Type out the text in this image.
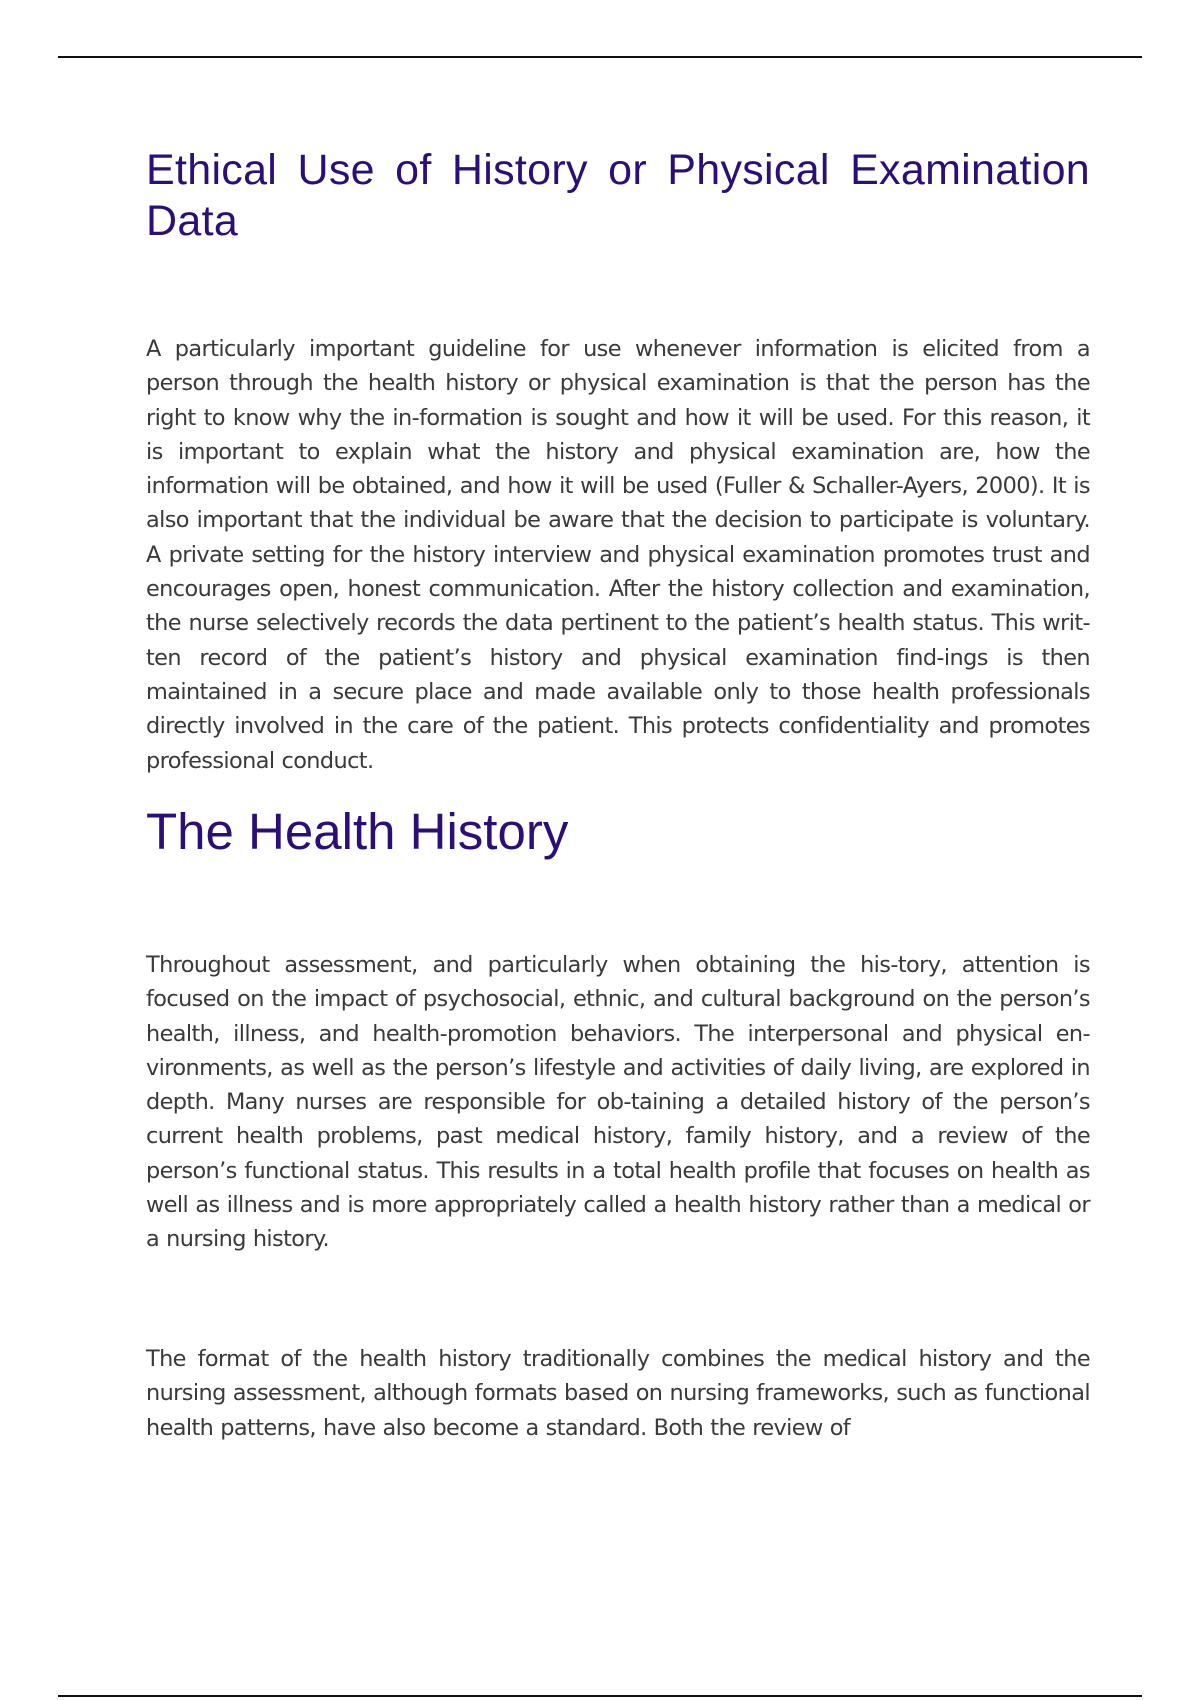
Ethical Use of History or Physical Examination Data

A particularly important guideline for use whenever information is elicited from a person through the health history or physical examination is that the person has the right to know why the in-formation is sought and how it will be used. For this reason, it is important to explain what the history and physical examination are, how the information will be obtained, and how it will be used (Fuller & Schaller-Ayers, 2000). It is also important that the individual be aware that the decision to participate is voluntary. A private setting for the history interview and physical examination promotes trust and encourages open, honest communication. After the history collection and examination, the nurse selectively records the data pertinent to the patient’s health status. This writ-ten record of the patient’s history and physical examination find-ings is then maintained in a secure place and made available only to those health professionals directly involved in the care of the patient. This protects confidentiality and promotes professional conduct.

The Health History

Throughout assessment, and particularly when obtaining the his-tory, attention is focused on the impact of psychosocial, ethnic, and cultural background on the person’s health, illness, and health-promotion behaviors. The interpersonal and physical en-vironments, as well as the person’s lifestyle and activities of daily living, are explored in depth. Many nurses are responsible for ob-taining a detailed history of the person’s current health problems, past medical history, family history, and a review of the person’s functional status. This results in a total health profile that focuses on health as well as illness and is more appropriately called a health history rather than a medical or a nursing history.

The format of the health history traditionally combines the medical history and the nursing assessment, although formats based on nursing frameworks, such as functional health patterns, have also become a standard. Both the review of
